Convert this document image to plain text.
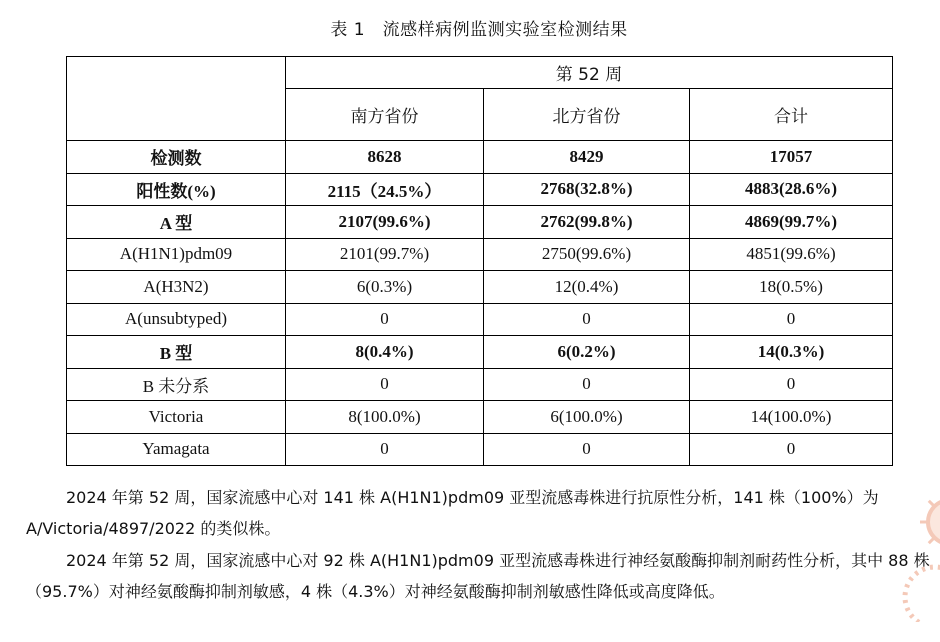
表 1　流感样病例监测实验室检测结果
	第 52 周		
	南方省份	北方省份	合计
检测数	8628	8429	17057
阳性数(%)	2115（24.5%）	2768(32.8%)	4883(28.6%)
A 型	2107(99.6%)	2762(99.8%)	4869(99.7%)
A(H1N1)pdm09	2101(99.7%)	2750(99.6%)	4851(99.6%)
A(H3N2)	6(0.3%)	12(0.4%)	18(0.5%)
A(unsubtyped)	0	0	0
B 型	8(0.4%)	6(0.2%)	14(0.3%)
B 未分系	0	0	0
Victoria	8(100.0%)	6(100.0%)	14(100.0%)
Yamagata	0	0	0
2024 年第 52 周，国家流感中心对 141 株 A(H1N1)pdm09 亚型流感毒株进行抗原性分析，141 株（100%）为 A/Victoria/4897/2022 的类似株。
2024 年第 52 周，国家流感中心对 92 株 A(H1N1)pdm09 亚型流感毒株进行神经氨酸酶抑制剂耐药性分析，其中 88 株（95.7%）对神经氨酸酶抑制剂敏感，4 株（4.3%）对神经氨酸酶抑制剂敏感性降低或高度降低。
